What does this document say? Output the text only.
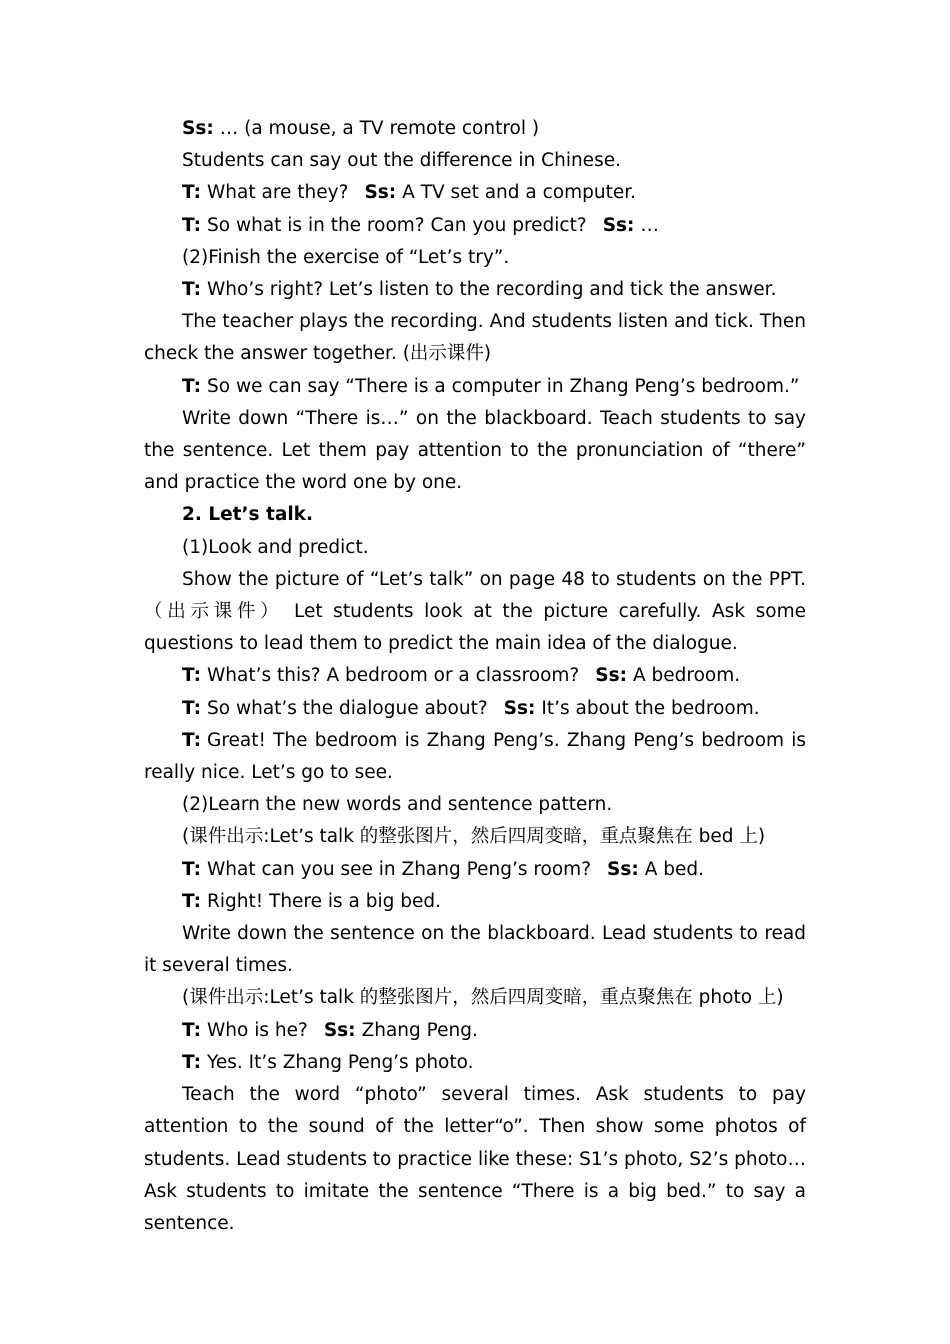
Ss: … (a mouse, a TV remote control )

Students can say out the difference in Chinese.

T: What are they? Ss: A TV set and a computer.

T: So what is in the room? Can you predict? Ss: …

(2)Finish the exercise of “Let’s try”.

T: Who’s right? Let’s listen to the recording and tick the answer.

The teacher plays the recording. And students listen and tick. Then check the answer together. (出示课件)

T: So we can say “There is a computer in Zhang Peng’s bedroom.”

Write down “There is…” on the blackboard. Teach students to say the sentence. Let them pay attention to the pronunciation of “there” and practice the word one by one.

2. Let’s talk.

(1)Look and predict.

Show the picture of “Let’s talk” on page 48 to students on the PPT. （出示课件） Let students look at the picture carefully. Ask some questions to lead them to predict the main idea of the dialogue.

T: What’s this? A bedroom or a classroom? Ss: A bedroom.

T: So what’s the dialogue about? Ss: It’s about the bedroom.

T: Great! The bedroom is Zhang Peng’s. Zhang Peng’s bedroom is really nice. Let’s go to see.

(2)Learn the new words and sentence pattern.

(课件出示:Let’s talk 的整张图片，然后四周变暗，重点聚焦在 bed 上)

T: What can you see in Zhang Peng’s room? Ss: A bed.

T: Right! There is a big bed.

Write down the sentence on the blackboard. Lead students to read it several times.

(课件出示:Let’s talk 的整张图片，然后四周变暗，重点聚焦在 photo 上)

T: Who is he? Ss: Zhang Peng.

T: Yes. It’s Zhang Peng’s photo.

Teach the word “photo” several times. Ask students to pay attention to the sound of the letter“o”. Then show some photos of students. Lead students to practice like these: S1’s photo, S2’s photo… Ask students to imitate the sentence “There is a big bed.” to say a sentence.
